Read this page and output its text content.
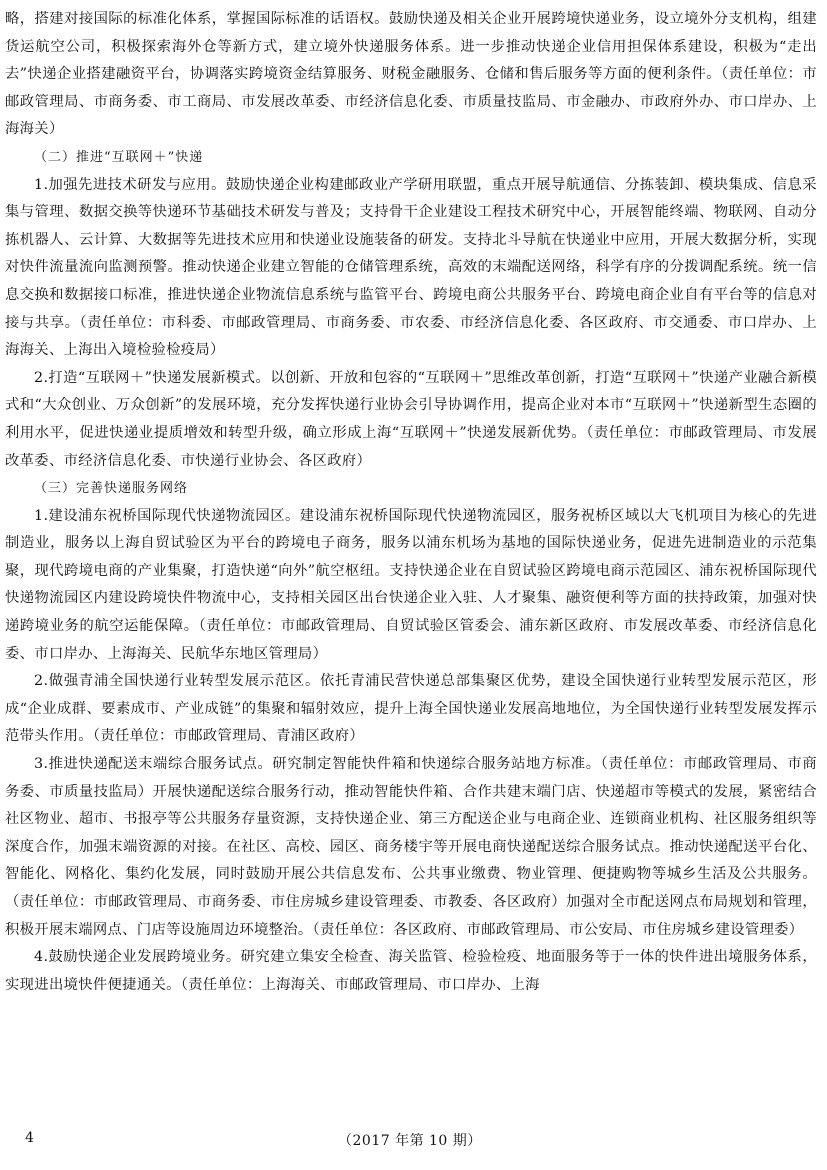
略，搭建对接国际的标准化体系，掌握国际标准的话语权。鼓励快递及相关企业开展跨境快递业务，设立境外分支机构，组建货运航空公司，积极探索海外仓等新方式，建立境外快递服务体系。进一步推动快递企业信用担保体系建设，积极为“走出去”快递企业搭建融资平台，协调落实跨境资金结算服务、财税金融服务、仓储和售后服务等方面的便利条件。（责任单位：市邮政管理局、市商务委、市工商局、市发展改革委、市经济信息化委、市质量技监局、市金融办、市政府外办、市口岸办、上海海关）

（二）推进“互联网＋”快递

1.加强先进技术研发与应用。鼓励快递企业构建邮政业产学研用联盟，重点开展导航通信、分拣装卸、模块集成、信息采集与管理、数据交换等快递环节基础技术研发与普及；支持骨干企业建设工程技术研究中心，开展智能终端、物联网、自动分拣机器人、云计算、大数据等先进技术应用和快递业设施装备的研发。支持北斗导航在快递业中应用，开展大数据分析，实现对快件流量流向监测预警。推动快递企业建立智能的仓储管理系统，高效的末端配送网络，科学有序的分拨调配系统。统一信息交换和数据接口标准，推进快递企业物流信息系统与监管平台、跨境电商公共服务平台、跨境电商企业自有平台等的信息对接与共享。（责任单位：市科委、市邮政管理局、市商务委、市农委、市经济信息化委、各区政府、市交通委、市口岸办、上海海关、上海出入境检验检疫局）

2.打造“互联网＋”快递发展新模式。以创新、开放和包容的“互联网＋”思维改革创新，打造“互联网＋”快递产业融合新模式和“大众创业、万众创新”的发展环境，充分发挥快递行业协会引导协调作用，提高企业对本市“互联网＋”快递新型生态圈的利用水平，促进快递业提质增效和转型升级，确立形成上海“互联网＋”快递发展新优势。（责任单位：市邮政管理局、市发展改革委、市经济信息化委、市快递行业协会、各区政府）

（三）完善快递服务网络

1.建设浦东祝桥国际现代快递物流园区。建设浦东祝桥国际现代快递物流园区，服务祝桥区域以大飞机项目为核心的先进制造业，服务以上海自贸试验区为平台的跨境电子商务，服务以浦东机场为基地的国际快递业务，促进先进制造业的示范集聚，现代跨境电商的产业集聚，打造快递“向外”航空枢纽。支持快递企业在自贸试验区跨境电商示范园区、浦东祝桥国际现代快递物流园区内建设跨境快件物流中心，支持相关园区出台快递企业入驻、人才聚集、融资便利等方面的扶持政策，加强对快递跨境业务的航空运能保障。（责任单位：市邮政管理局、自贸试验区管委会、浦东新区政府、市发展改革委、市经济信息化委、市口岸办、上海海关、民航华东地区管理局）

2.做强青浦全国快递行业转型发展示范区。依托青浦民营快递总部集聚区优势，建设全国快递行业转型发展示范区，形成“企业成群、要素成市、产业成链”的集聚和辐射效应，提升上海全国快递业发展高地地位，为全国快递行业转型发展发挥示范带头作用。（责任单位：市邮政管理局、青浦区政府）

3.推进快递配送末端综合服务试点。研究制定智能快件箱和快递综合服务站地方标准。（责任单位：市邮政管理局、市商务委、市质量技监局）开展快递配送综合服务行动，推动智能快件箱、合作共建末端门店、快递超市等模式的发展，紧密结合社区物业、超市、书报亭等公共服务存量资源，支持快递企业、第三方配送企业与电商企业、连锁商业机构、社区服务组织等深度合作，加强末端资源的对接。在社区、高校、园区、商务楼宇等开展电商快递配送综合服务试点。推动快递配送平台化、智能化、网格化、集约化发展，同时鼓励开展公共信息发布、公共事业缴费、物业管理、便捷购物等城乡生活及公共服务。（责任单位：市邮政管理局、市商务委、市住房城乡建设管理委、市教委、各区政府）加强对全市配送网点布局规划和管理，积极开展末端网点、门店等设施周边环境整治。（责任单位：各区政府、市邮政管理局、市公安局、市住房城乡建设管理委）

4.鼓励快递企业发展跨境业务。研究建立集安全检查、海关监管、检验检疫、地面服务等于一体的快件进出境服务体系，实现进出境快件便捷通关。（责任单位：上海海关、市邮政管理局、市口岸办、上海

4	（2017 年第 10 期）
